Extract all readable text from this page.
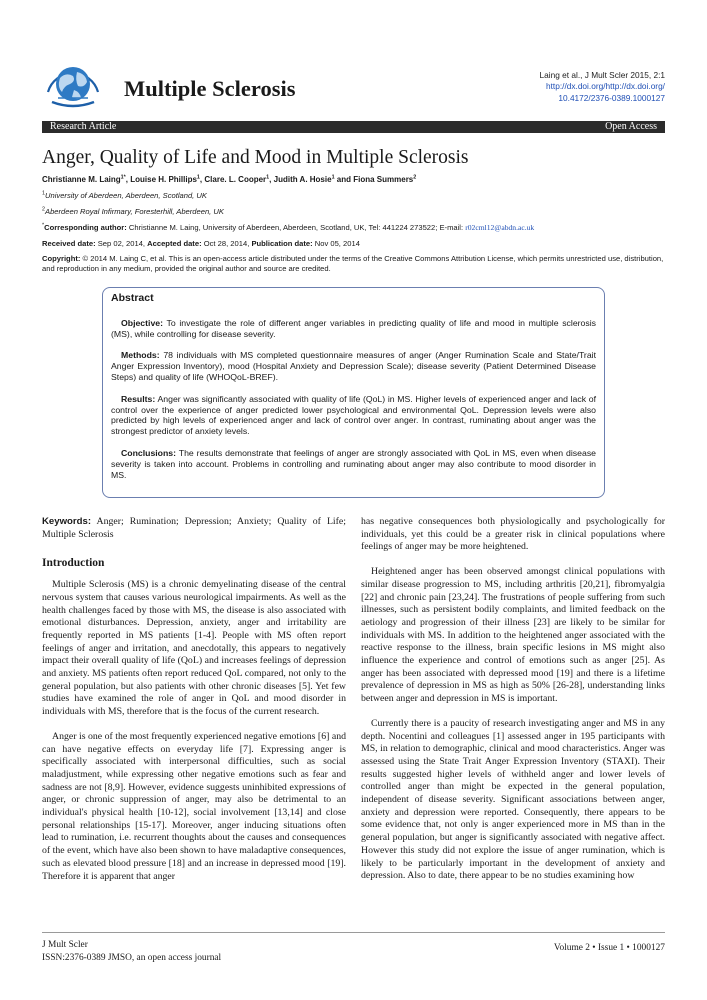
Multiple Sclerosis
Laing et al., J Mult Scler 2015, 2:1
http://dx.doi.org/http://dx.doi.org/
10.4172/2376-0389.1000127
Research Article	Open Access
Anger, Quality of Life and Mood in Multiple Sclerosis
Christianne M. Laing$^{1*}$, Louise H. Phillips$^1$, Clare. L. Cooper$^1$, Judith A. Hosie$^1$ and Fiona Summers$^2$
$^1$University of Aberdeen, Aberdeen, Scotland, UK
$^2$Aberdeen Royal Infirmary, Foresterhill, Aberdeen, UK
*Corresponding author: Christianne M. Laing, University of Aberdeen, Aberdeen, Scotland, UK, Tel: 441224 273522; E-mail: r02cml12@abdn.ac.uk
Received date: Sep 02, 2014, Accepted date: Oct 28, 2014, Publication date: Nov 05, 2014
Copyright: © 2014 M. Laing C, et al. This is an open-access article distributed under the terms of the Creative Commons Attribution License, which permits unrestricted use, distribution, and reproduction in any medium, provided the original author and source are credited.
Abstract

Objective: To investigate the role of different anger variables in predicting quality of life and mood in multiple sclerosis (MS), while controlling for disease severity.

Methods: 78 individuals with MS completed questionnaire measures of anger (Anger Rumination Scale and State/Trait Anger Expression Inventory), mood (Hospital Anxiety and Depression Scale); disease severity (Patient Determined Disease Steps) and quality of life (WHOQoL-BREF).

Results: Anger was significantly associated with quality of life (QoL) in MS. Higher levels of experienced anger and lack of control over the experience of anger predicted lower psychological and environmental QoL. Depression levels were also predicted by high levels of experienced anger and lack of control over anger. In contrast, ruminating about anger was the strongest predictor of anxiety levels.

Conclusions: The results demonstrate that feelings of anger are strongly associated with QoL in MS, even when disease severity is taken into account. Problems in controlling and ruminating about anger may also contribute to mood disorder in MS.

Keywords: Anger; Rumination; Depression; Anxiety; Quality of Life; Multiple Sclerosis

Introduction

Multiple Sclerosis (MS) is a chronic demyelinating disease of the central nervous system that causes various neurological impairments. As well as the health challenges faced by those with MS, the disease is also associated with emotional disturbances. Depression, anxiety, anger and irritability are frequently reported in MS patients [1-4]. People with MS often report feelings of anger and irritation, and anecdotally, this appears to negatively impact their overall quality of life (QoL) and increases feelings of depression and anxiety. MS patients often report reduced QoL compared, not only to the general population, but also patients with other chronic diseases [5]. Yet few studies have examined the role of anger in QoL and mood disorder in individuals with MS, therefore that is the focus of the current research.

Anger is one of the most frequently experienced negative emotions [6] and can have negative effects on everyday life [7]. Expressing anger is specifically associated with interpersonal difficulties, such as social maladjustment, while expressing other negative emotions such as fear and sadness are not [8,9]. However, evidence suggests uninhibited expressions of anger, or chronic suppression of anger, may also be detrimental to an individual's physical health [10-12], social involvement [13,14] and close personal relationships [15-17]. Moreover, anger inducing situations often lead to rumination, i.e. recurrent thoughts about the causes and consequences of the event, which have also been shown to have maladaptive consequences, such as elevated blood pressure [18] and an increase in depressed mood [19]. Therefore it is apparent that anger

has negative consequences both physiologically and psychologically for individuals, yet this could be a greater risk in clinical populations where feelings of anger may be more heightened.

Heightened anger has been observed amongst clinical populations with similar disease progression to MS, including arthritis [20,21], fibromyalgia [22] and chronic pain [23,24]. The frustrations of people suffering from such illnesses, such as persistent bodily complaints, and limited feedback on the aetiology and progression of their illness [23] are likely to be similar for individuals with MS. In addition to the heightened anger associated with the reactive response to the illness, brain specific lesions in MS might also influence the experience and control of emotions such as anger [25]. As anger has been associated with depressed mood [19] and there is a lifetime prevalence of depression in MS as high as 50% [26-28], understanding links between anger and depression in MS is important.

Currently there is a paucity of research investigating anger and MS in any depth. Nocentini and colleagues [1] assessed anger in 195 participants with MS, in relation to demographic, clinical and mood characteristics. Anger was assessed using the State Trait Anger Expression Inventory (STAXI). Their results suggested higher levels of withheld anger and lower levels of controlled anger than might be expected in the general population, independent of disease severity. Significant associations between anger, anxiety and depression were reported. Consequently, there appears to be some evidence that, not only is anger experienced more in MS than in the general population, but anger is significantly associated with negative affect. However this study did not explore the issue of anger rumination, which is likely to be particularly important in the development of anxiety and depression. Also to date, there appear to be no studies examining how

J Mult Scler
ISSN:2376-0389 JMSO, an open access journal
Volume 2 • Issue 1 • 1000127
